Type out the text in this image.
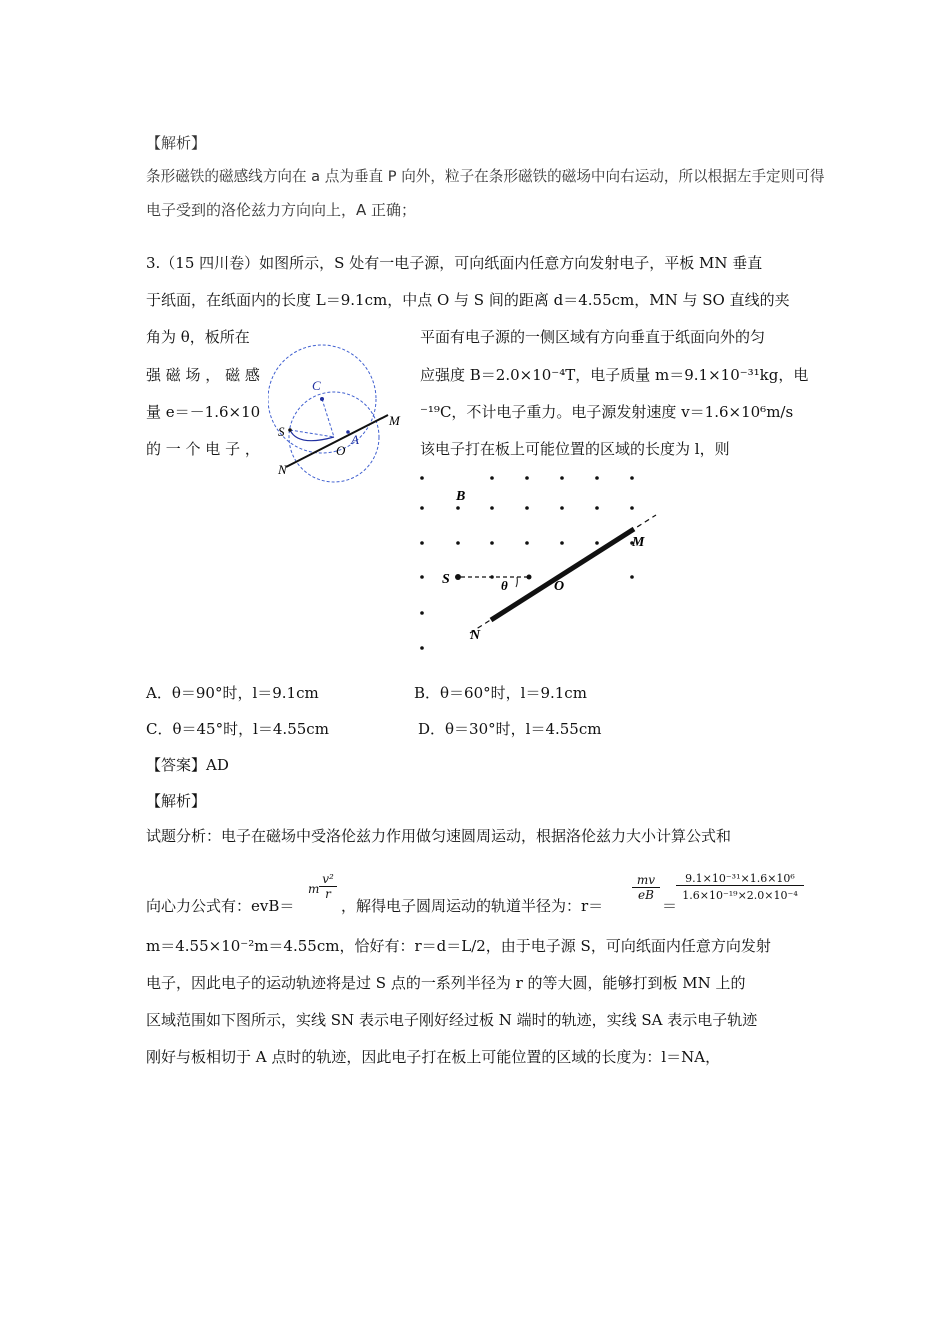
【解析】
条形磁铁的磁感线方向在 a 点为垂直 P 向外，粒子在条形磁铁的磁场中向右运动，所以根据左手定则可得
电子受到的洛伦兹力方向向上，A 正确；
3.（15 四川卷）如图所示，S 处有一电子源，可向纸面内任意方向发射电子，平板 MN 垂直
于纸面，在纸面内的长度 L＝9.1cm，中点 O 与 S 间的距离 d＝4.55cm，MN 与 SO 直线的夹
角为 θ，板所在	平面有电子源的一侧区域有方向垂直于纸面向外的匀
强 磁 场 ， 磁 感	应强度 B＝2.0×10⁻⁴T，电子质量 m＝9.1×10⁻³¹kg，电
量 e＝－1.6×10	⁻¹⁹C，不计电子重力。电子源发射速度 v＝1.6×10⁶m/s
的 一 个 电 子 ，	该电子打在板上可能位置的区域的长度为 l，则
C
S
A
O
M
N
B
S	θ	O
M
N
A．θ＝90°时，l＝9.1cm	B．θ＝60°时，l＝9.1cm
C．θ＝45°时，l＝4.55cm	D．θ＝30°时，l＝4.55cm
【答案】AD
【解析】
试题分析：电子在磁场中受洛伦兹力作用做匀速圆周运动，根据洛伦兹力大小计算公式和
向心力公式有：evB＝
m $\frac{\text{v²}}{r}$
，解得电子圆周运动的轨道半径为：r＝
$\frac{mv}{eB}$
＝
$\frac{\text{9.1×10⁻³¹×1.6×10⁶}}{\text{1.6×10⁻¹⁹×2.0×10⁻⁴}}$
m＝4.55×10⁻²m＝4.55cm，恰好有：r＝d＝L/2，由于电子源 S，可向纸面内任意方向发射
电子，因此电子的运动轨迹将是过 S 点的一系列半径为 r 的等大圆，能够打到板 MN 上的
区域范围如下图所示，实线 SN 表示电子刚好经过板 N 端时的轨迹，实线 SA 表示电子轨迹
刚好与板相切于 A 点时的轨迹，因此电子打在板上可能位置的区域的长度为：l＝NA，
